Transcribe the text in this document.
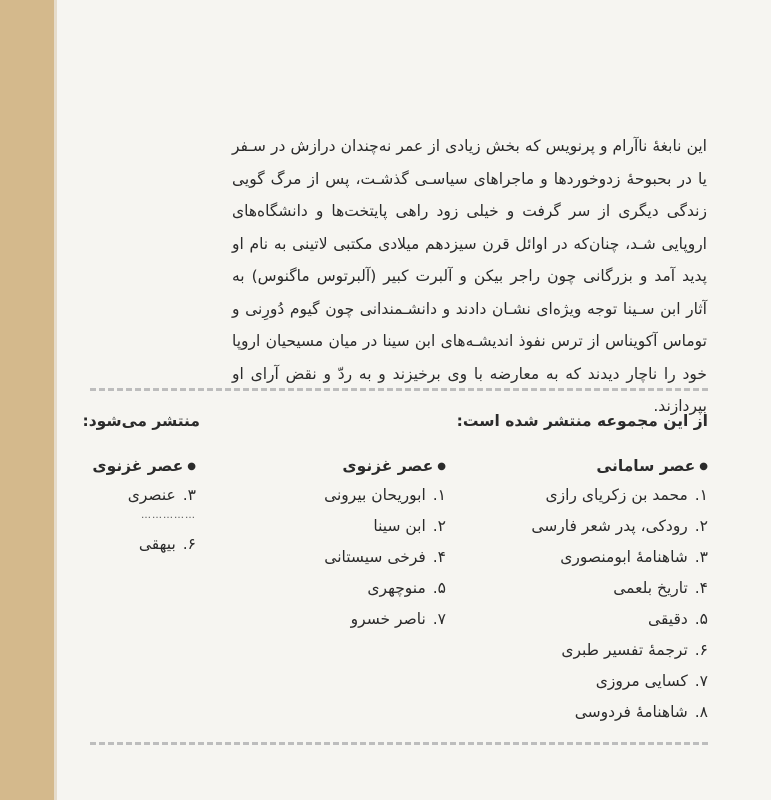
این نابغهٔ ناآرام و پرنویس که بخش زیادی از عمر نه‌چندان درازش در سـفر یا در بحبوحهٔ زدوخوردها و ماجراهای سیاسـی گذشـت، پس از مرگ گویی زندگی دیگری از سر گرفت و خیلی زود راهی پایتخت‌ها و دانشگاه‌های اروپایی شـد، چنان‌که در اوائل قرن سیزدهم میلادی مکتبی لاتینی به نام او پدید آمد و بزرگانی چون راجر بیکن و آلبرت کبیر (آلبرتوس ماگنوس) به آثار ابن سـینا توجه ویژه‌ای نشـان دادند و دانشـمندانی چون گیوم دُورِنی و توماس آکویناس از ترس نفوذ اندیشـه‌های ابن سینا در میان مسیحیان اروپا خود را ناچار دیدند که به معارضه با وی برخیزند و به ردّ و نقض آرای او بپردازند.

از این مجموعه منتشر شده است:
منتشر می‌شود:
●عصر سامانی
۱. محمد بن زکریای رازی
۲. رودکی، پدر شعر فارسی
۳. شاهنامهٔ ابومنصوری
۴. تاریخ بلعمی
۵. دقیقی
۶. ترجمهٔ تفسیر طبری
۷. کسایی مروزی
۸. شاهنامهٔ فردوسی
●عصر غزنوی
۱. ابوریحان بیرونی
۲. ابن سینا
۴. فرخی سیستانی
۵. منوچهری
۷. ناصر خسرو
●عصر غزنوی
۳. عنصری
……………
۶. بیهقی
